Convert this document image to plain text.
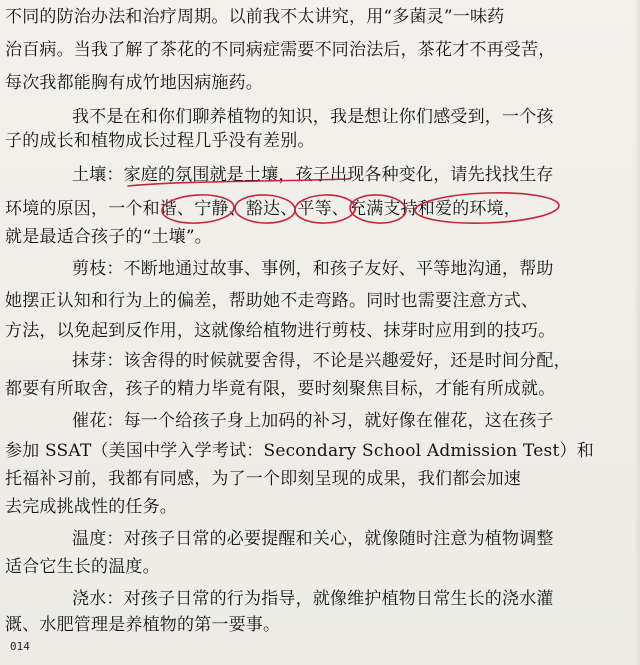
不同的防治办法和治疗周期。以前我不太讲究，用“多菌灵”一味药
治百病。当我了解了茶花的不同病症需要不同治法后，茶花才不再受苦，
每次我都能胸有成竹地因病施药。
我不是在和你们聊养植物的知识，我是想让你们感受到，一个孩
子的成长和植物成长过程几乎没有差别。
土壤：家庭的氛围就是土壤，孩子出现各种变化，请先找找生存
环境的原因，一个和谐、宁静、豁达、平等、充满支持和爱的环境，
就是最适合孩子的“土壤”。
剪枝：不断地通过故事、事例，和孩子友好、平等地沟通，帮助
她摆正认知和行为上的偏差，帮助她不走弯路。同时也需要注意方式、
方法，以免起到反作用，这就像给植物进行剪枝、抹芽时应用到的技巧。
抹芽：该舍得的时候就要舍得，不论是兴趣爱好，还是时间分配，
都要有所取舍，孩子的精力毕竟有限，要时刻聚焦目标，才能有所成就。
催花：每一个给孩子身上加码的补习，就好像在催花，这在孩子
参加 SSAT（美国中学入学考试：Secondary School Admission Test）和
托福补习前，我都有同感，为了一个即刻呈现的成果，我们都会加速
去完成挑战性的任务。
温度：对孩子日常的必要提醒和关心，就像随时注意为植物调整
适合它生长的温度。
浇水：对孩子日常的行为指导，就像维护植物日常生长的浇水灌
溉、水肥管理是养植物的第一要事。
014
